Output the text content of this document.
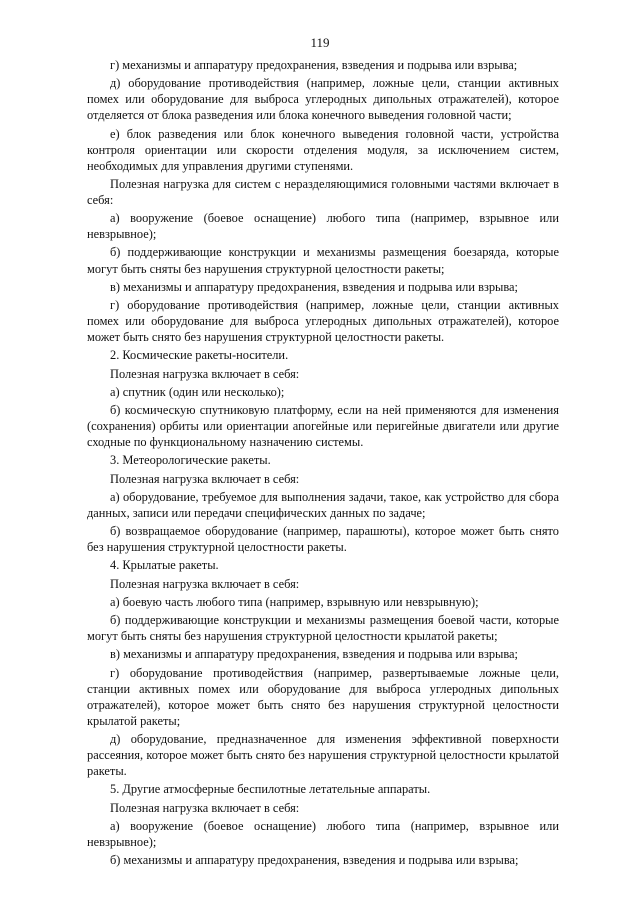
119

г) механизмы и аппаратуру предохранения, взведения и подрыва или взрыва;

д) оборудование противодействия (например, ложные цели, станции активных помех или оборудование для выброса углеродных дипольных отражателей), которое отделяется от блока разведения или блока конечного выведения головной части;

е) блок разведения или блок конечного выведения головной части, устройства контроля ориентации или скорости отделения модуля, за исключением систем, необходимых для управления другими ступенями.

Полезная нагрузка для систем с неразделяющимися головными частями включает в себя:

а) вооружение (боевое оснащение) любого типа (например, взрывное или невзрывное);

б) поддерживающие конструкции и механизмы размещения боезаряда, которые могут быть сняты без нарушения структурной целостности ракеты;

в) механизмы и аппаратуру предохранения, взведения и подрыва или взрыва;

г) оборудование противодействия (например, ложные цели, станции активных помех или оборудование для выброса углеродных дипольных отражателей), которое может быть снято без нарушения структурной целостности ракеты.

2. Космические ракеты-носители.

Полезная нагрузка включает в себя:

а) спутник (один или несколько);

б) космическую спутниковую платформу, если на ней применяются для изменения (сохранения) орбиты или ориентации апогейные или перигейные двигатели или другие сходные по функциональному назначению системы.

3. Метеорологические ракеты.

Полезная нагрузка включает в себя:

а) оборудование, требуемое для выполнения задачи, такое, как устройство для сбора данных, записи или передачи специфических данных по задаче;

б) возвращаемое оборудование (например, парашюты), которое может быть снято без нарушения структурной целостности ракеты.

4. Крылатые ракеты.

Полезная нагрузка включает в себя:

а) боевую часть любого типа (например, взрывную или невзрывную);

б) поддерживающие конструкции и механизмы размещения боевой части, которые могут быть сняты без нарушения структурной целостности крылатой ракеты;

в) механизмы и аппаратуру предохранения, взведения и подрыва или взрыва;

г) оборудование противодействия (например, развертываемые ложные цели, станции активных помех или оборудование для выброса углеродных дипольных отражателей), которое может быть снято без нарушения структурной целостности крылатой ракеты;

д) оборудование, предназначенное для изменения эффективной поверхности рассеяния, которое может быть снято без нарушения структурной целостности крылатой ракеты.

5. Другие атмосферные беспилотные летательные аппараты.

Полезная нагрузка включает в себя:

а) вооружение (боевое оснащение) любого типа (например, взрывное или невзрывное);

б) механизмы и аппаратуру предохранения, взведения и подрыва или взрыва;
